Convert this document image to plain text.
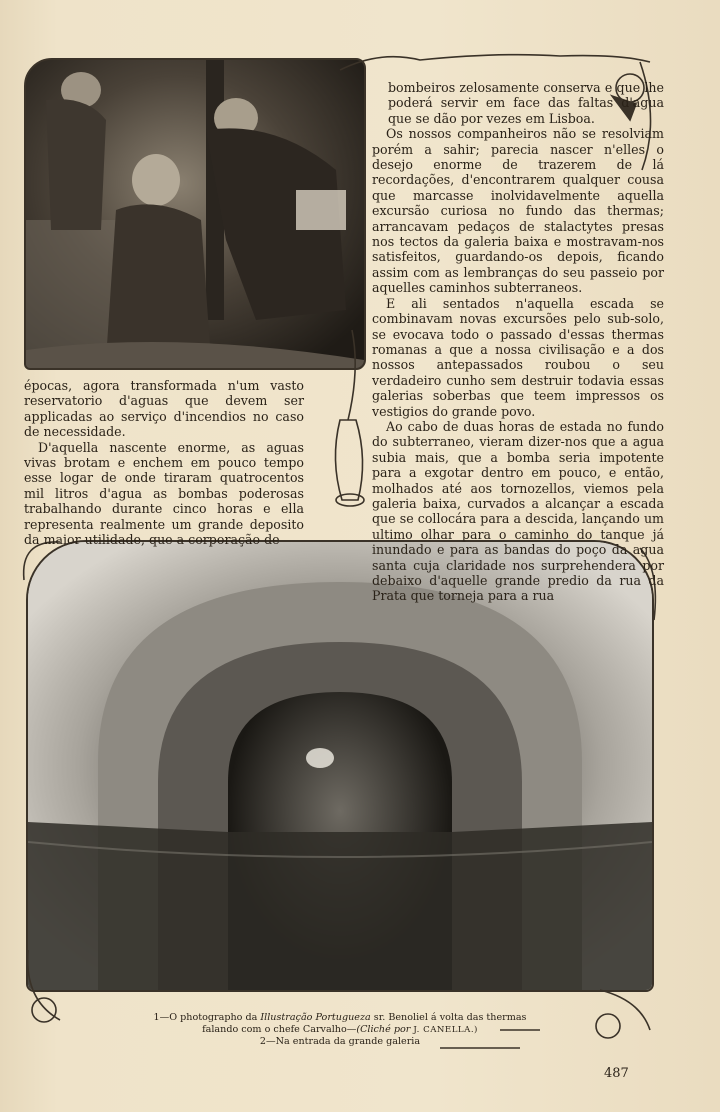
épocas, agora transformada n'um vasto reservatorio d'aguas que devem ser applicadas ao serviço d'incendios no caso de necessidade.

D'aquella nascente enorme, as aguas vivas brotam e enchem em pouco tempo esse logar de onde tiraram quatrocentos mil litros d'agua as bombas poderosas trabalhando durante cinco horas e ella representa realmente um grande deposito da maior utilidade, que a corporação de

bombeiros zelosamente conserva e que lhe poderá servir em face das faltas d'agua que se dão por vezes em Lisboa.

Os nossos companheiros não se resolviam porém a sahir; parecia nascer n'elles o desejo enorme de trazerem de lá recordações, d'encontrarem qualquer cousa que marcasse inolvidavelmente aquella excursão curiosa no fundo das thermas; arrancavam pedaços de stalactytes presas nos tectos da galeria baixa e mostravam-nos satisfeitos, guardando-os depois, ficando assim com as lembranças do seu passeio por aquelles caminhos subterraneos.

E ali sentados n'aquella escada se combinavam novas excursões pelo sub-solo, se evocava todo o passado d'essas thermas romanas a que a nossa civilisação e a dos nossos antepassados roubou o seu verdadeiro cunho sem destruir todavia essas galerias soberbas que teem impressos os vestigios do grande povo.

Ao cabo de duas horas de estada no fundo do subterraneo, vieram dizer-nos que a agua subia mais, que a bomba seria impotente para a exgotar dentro em pouco, e então, molhados até aos tornozellos, viemos pela galeria baixa, curvados a alcançar a escada que se collocára para a descida, lançando um ultimo olhar para o caminho do tanque já inundado e para as bandas do poço da agua santa cuja claridade nos surprehendera por debaixo d'aquelle grande predio da rua da Prata que torneja para a rua

1—O photographo da Illustração Portugueza sr. Benoliel á volta das thermas
falando com o chefe Carvalho—(Cliché por J. CANELLA.)
2—Na entrada da grande galeria
487
